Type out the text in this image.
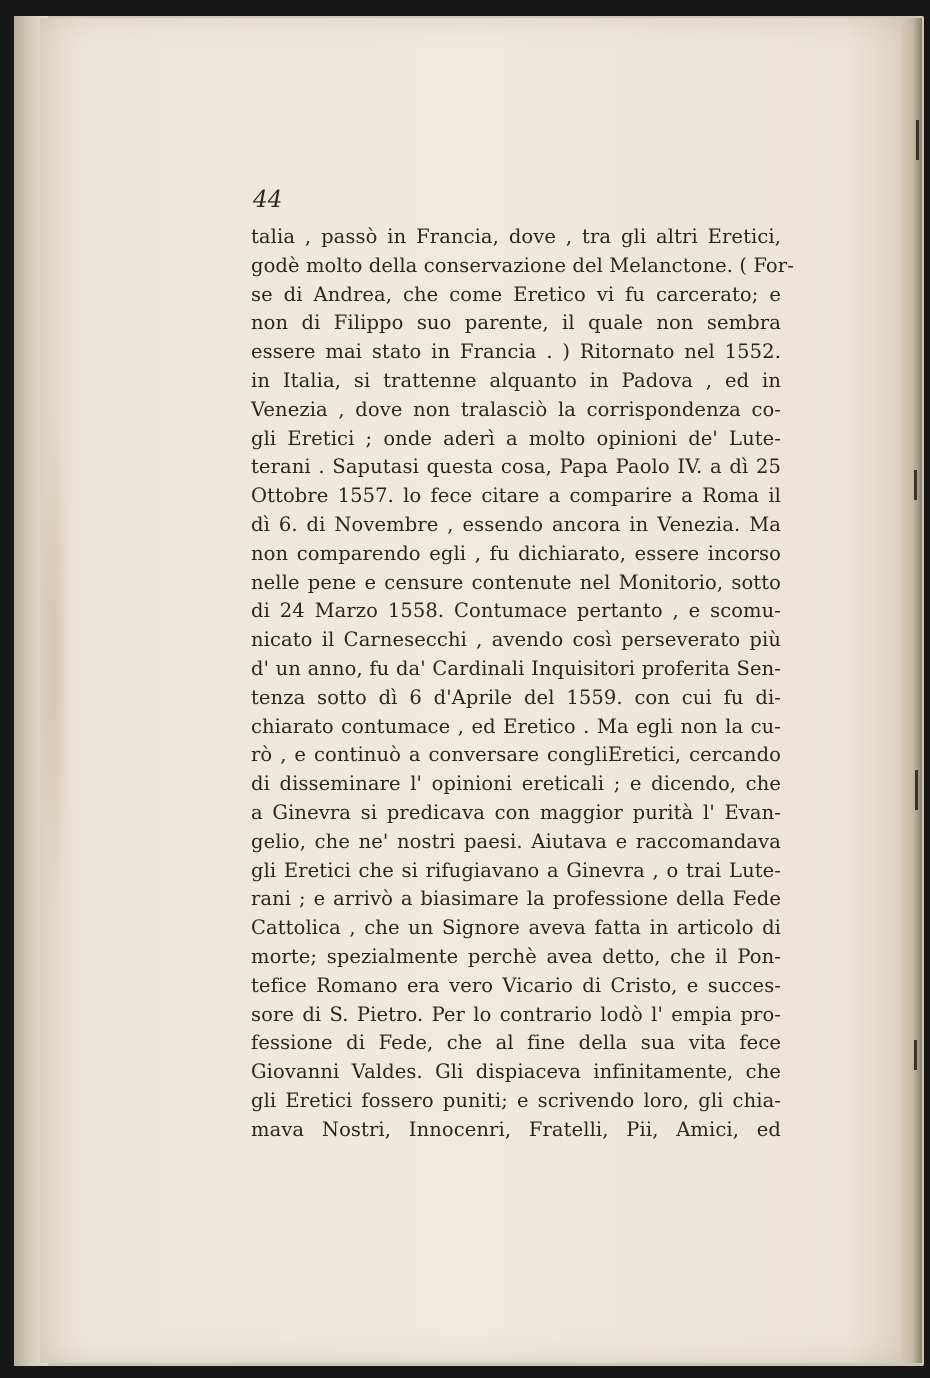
44
talia , passò in Francia, dove , tra gli altri Eretici,
godè molto della conservazione del Melanctone. ( For-
se di Andrea, che come Eretico vi fu carcerato; e
non di Filippo suo parente, il quale non sembra
essere mai stato in Francia . ) Ritornato nel 1552.
in Italia, si trattenne alquanto in Padova , ed in
Venezia , dove non tralasciò la corrispondenza co-
gli Eretici ; onde aderì a molto opinioni de' Lute-
terani . Saputasi questa cosa, Papa Paolo IV. a dì 25
Ottobre 1557. lo fece citare a comparire a Roma il
dì 6. di Novembre , essendo ancora in Venezia. Ma
non comparendo egli , fu dichiarato, essere incorso
nelle pene e censure contenute nel Monitorio, sotto
di 24 Marzo 1558. Contumace pertanto , e scomu-
nicato il Carnesecchi , avendo così perseverato più
d' un anno, fu da' Cardinali Inquisitori proferita Sen-
tenza sotto dì 6 d'Aprile del 1559. con cui fu di-
chiarato contumace , ed Eretico . Ma egli non la cu-
rò , e continuò a conversare congliEretici, cercando
di disseminare l' opinioni ereticali ; e dicendo, che
a Ginevra si predicava con maggior purità l' Evan-
gelio, che ne' nostri paesi. Aiutava e raccomandava
gli Eretici che si rifugiavano a Ginevra , o trai Lute-
rani ; e arrivò a biasimare la professione della Fede
Cattolica , che un Signore aveva fatta in articolo di
morte; spezialmente perchè avea detto, che il Pon-
tefice Romano era vero Vicario di Cristo, e succes-
sore di S. Pietro. Per lo contrario lodò l' empia pro-
fessione di Fede, che al fine della sua vita fece
Giovanni Valdes. Gli dispiaceva infinitamente, che
gli Eretici fossero puniti; e scrivendo loro, gli chia-
mava Nostri, Innocenri, Fratelli, Pii, Amici, ed
